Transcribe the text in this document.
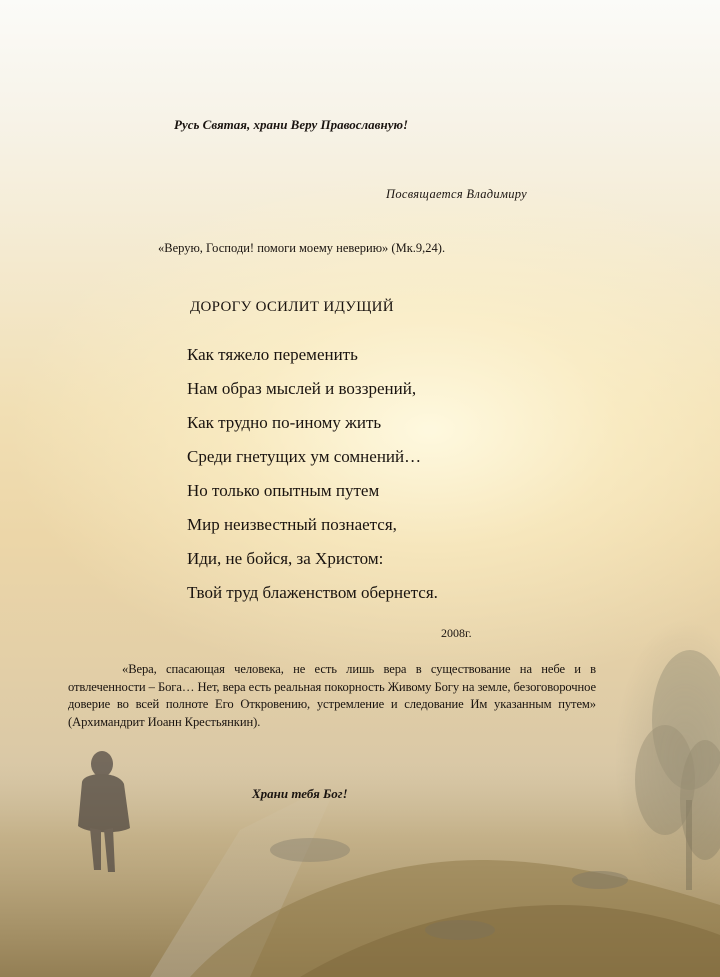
Русь Святая, храни Веру Православную!
Посвящается Владимиру
«Верую, Господи! помоги моему неверию» (Мк.9,24).
ДОРОГУ ОСИЛИТ ИДУЩИЙ
Как тяжело переменить
Нам образ мыслей и воззрений,
Как трудно по-иному жить
Среди гнетущих ум сомнений…
Но только опытным путем
Мир неизвестный познается,
Иди, не бойся, за Христом:
Твой труд блаженством обернется.
2008г.
«Вера, спасающая человека, не есть лишь вера в существование на небе и в отвлеченности – Бога… Нет, вера есть реальная покорность Живому Богу на земле, безоговорочное доверие во всей полноте Его Откровению, устремление и следование Им указанным путем» (Архимандрит Иоанн Крестьянкин).
Храни тебя Бог!
